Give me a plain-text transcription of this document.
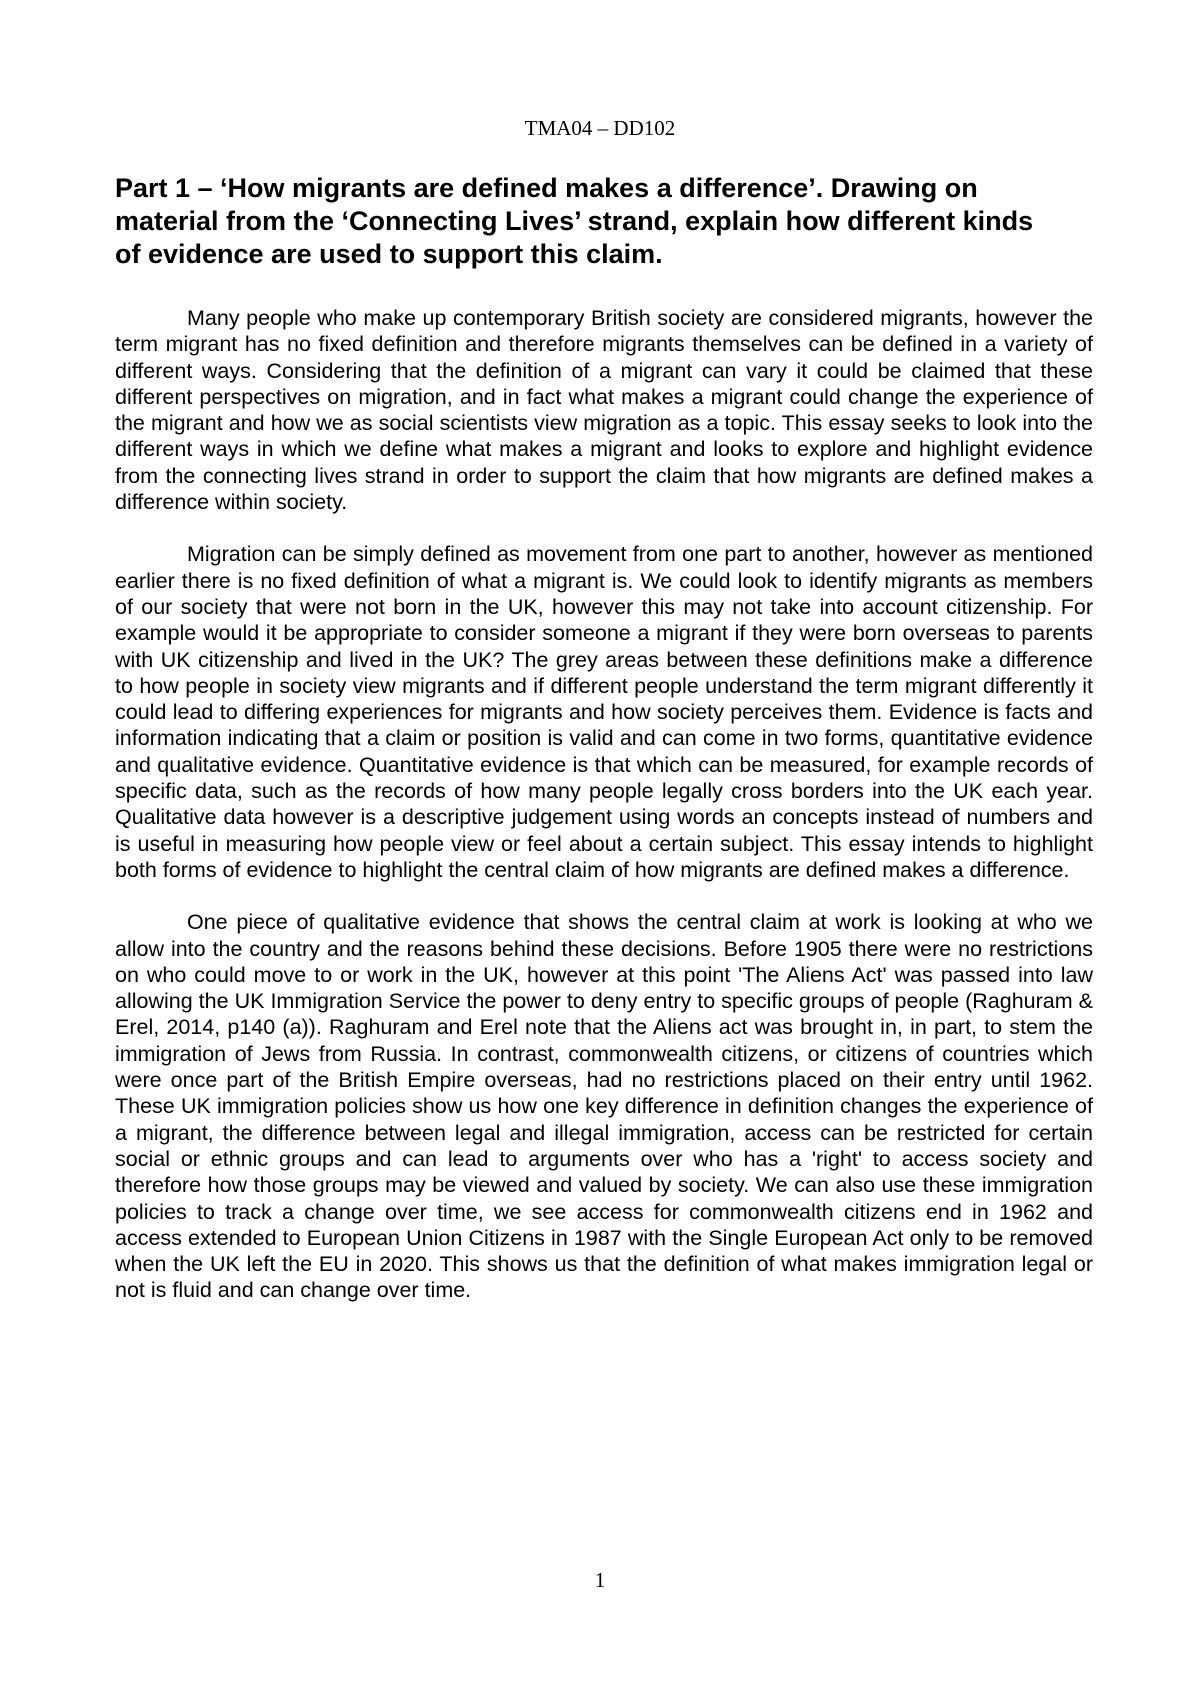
TMA04 – DD102
Part 1 – ‘How migrants are defined makes a difference’. Drawing on material from the ‘Connecting Lives’ strand, explain how different kinds of evidence are used to support this claim.

Many people who make up contemporary British society are considered migrants, however the term migrant has no fixed definition and therefore migrants themselves can be defined in a variety of different ways. Considering that the definition of a migrant can vary it could be claimed that these different perspectives on migration, and in fact what makes a migrant could change the experience of the migrant and how we as social scientists view migration as a topic. This essay seeks to look into the different ways in which we define what makes a migrant and looks to explore and highlight evidence from the connecting lives strand in order to support the claim that how migrants are defined makes a difference within society.

Migration can be simply defined as movement from one part to another, however as mentioned earlier there is no fixed definition of what a migrant is. We could look to identify migrants as members of our society that were not born in the UK, however this may not take into account citizenship. For example would it be appropriate to consider someone a migrant if they were born overseas to parents with UK citizenship and lived in the UK? The grey areas between these definitions make a difference to how people in society view migrants and if different people understand the term migrant differently it could lead to differing experiences for migrants and how society perceives them. Evidence is facts and information indicating that a claim or position is valid and can come in two forms, quantitative evidence and qualitative evidence. Quantitative evidence is that which can be measured, for example records of specific data, such as the records of how many people legally cross borders into the UK each year. Qualitative data however is a descriptive judgement using words an concepts instead of numbers and is useful in measuring how people view or feel about a certain subject. This essay intends to highlight both forms of evidence to highlight the central claim of how migrants are defined makes a difference.

One piece of qualitative evidence that shows the central claim at work is looking at who we allow into the country and the reasons behind these decisions. Before 1905 there were no restrictions on who could move to or work in the UK, however at this point 'The Aliens Act' was passed into law allowing the UK Immigration Service the power to deny entry to specific groups of people (Raghuram & Erel, 2014, p140 (a)). Raghuram and Erel note that the Aliens act was brought in, in part, to stem the immigration of Jews from Russia. In contrast, commonwealth citizens, or citizens of countries which were once part of the British Empire overseas, had no restrictions placed on their entry until 1962. These UK immigration policies show us how one key difference in definition changes the experience of a migrant, the difference between legal and illegal immigration, access can be restricted for certain social or ethnic groups and can lead to arguments over who has a 'right' to access society and therefore how those groups may be viewed and valued by society. We can also use these immigration policies to track a change over time, we see access for commonwealth citizens end in 1962 and access extended to European Union Citizens in 1987 with the Single European Act only to be removed when the UK left the EU in 2020. This shows us that the definition of what makes immigration legal or not is fluid and can change over time.

1
